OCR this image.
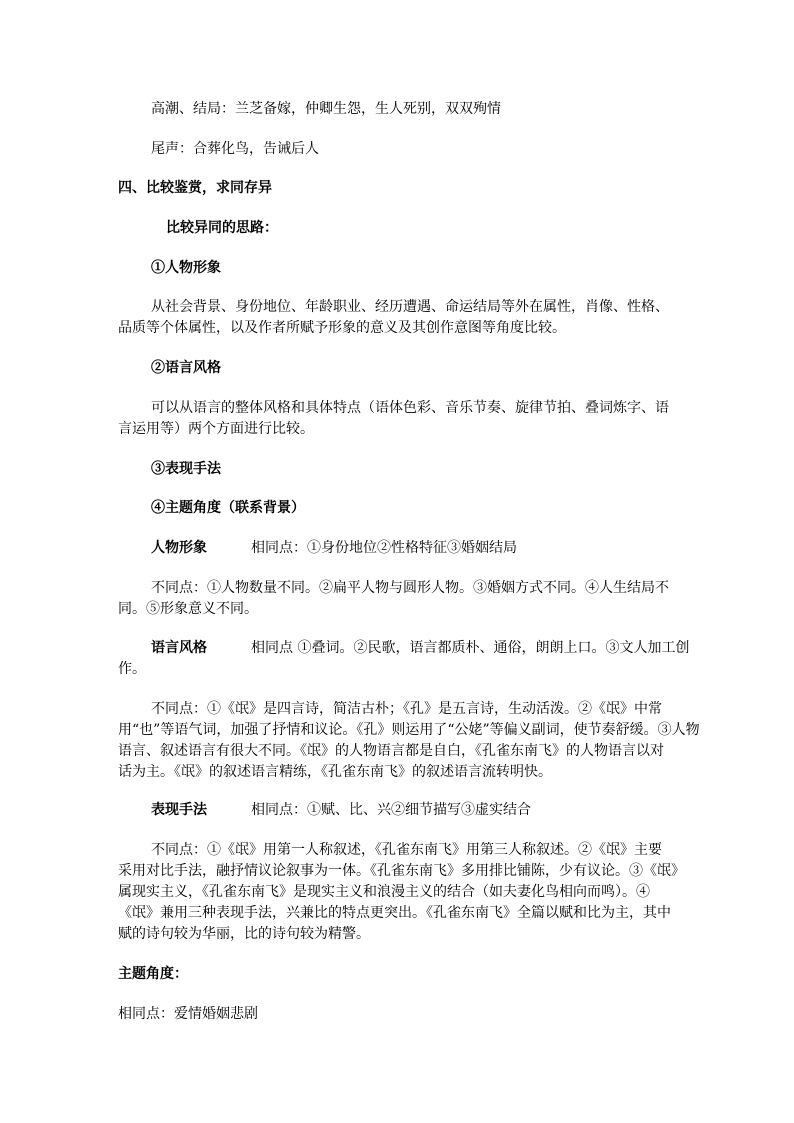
高潮、结局：兰芝备嫁，仲卿生怨，生人死别，双双殉情
尾声：合葬化鸟，告诫后人
四、比较鉴赏，求同存异
比较异同的思路：
①人物形象
从社会背景、身份地位、年龄职业、经历遭遇、命运结局等外在属性，肖像、性格、
品质等个体属性，以及作者所赋予形象的意义及其创作意图等角度比较。
②语言风格
可以从语言的整体风格和具体特点（语体色彩、音乐节奏、旋律节拍、叠词炼字、语
言运用等）两个方面进行比较。
③表现手法
④主题角度（联系背景）
人物形象	相同点：①身份地位②性格特征③婚姻结局
不同点：①人物数量不同。②扁平人物与圆形人物。③婚姻方式不同。④人生结局不
同。⑤形象意义不同。
语言风格	相同点 ①叠词。②民歌，语言都质朴、通俗，朗朗上口。③文人加工创
作。
不同点：①《氓》是四言诗，简洁古朴；《孔》是五言诗，生动活泼。②《氓》中常
用“也”等语气词，加强了抒情和议论。《孔》则运用了“公姥”等偏义副词，使节奏舒缓。③人物
语言、叙述语言有很大不同。《氓》的人物语言都是自白，《孔雀东南飞》的人物语言以对
话为主。《氓》的叙述语言精练，《孔雀东南飞》的叙述语言流转明快。
表现手法	相同点：①赋、比、兴②细节描写③虚实结合
不同点：①《氓》用第一人称叙述，《孔雀东南飞》用第三人称叙述。②《氓》主要
采用对比手法，融抒情议论叙事为一体。《孔雀东南飞》多用排比铺陈，少有议论。③《氓》
属现实主义，《孔雀东南飞》是现实主义和浪漫主义的结合（如夫妻化鸟相向而鸣）。④
《氓》兼用三种表现手法，兴兼比的特点更突出。《孔雀东南飞》全篇以赋和比为主，其中
赋的诗句较为华丽，比的诗句较为精警。
主题角度：
相同点：爱情婚姻悲剧
